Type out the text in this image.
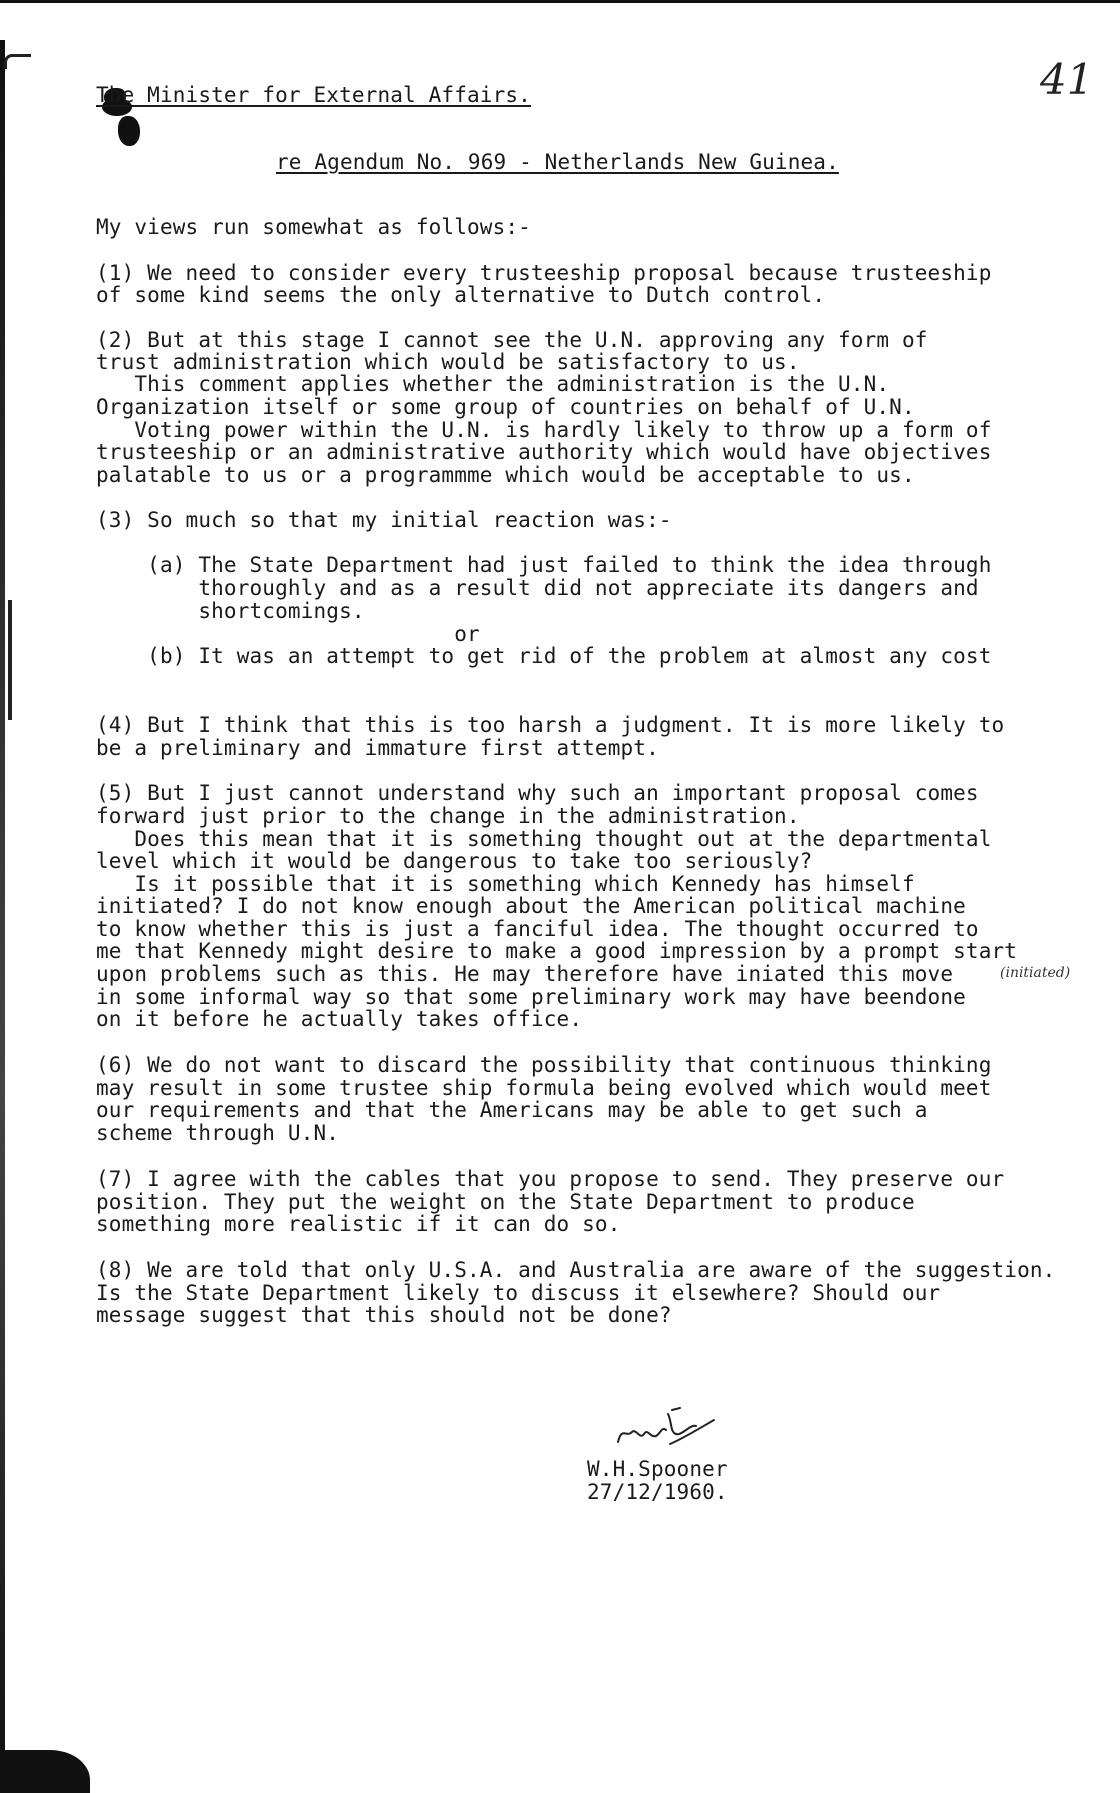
41
The Minister for External Affairs.
re Agendum No. 969 - Netherlands New Guinea.
My views run somewhat as follows:-
(1) We need to consider every trusteeship proposal because trusteeship
of some kind seems the only alternative to Dutch control.
(2) But at this stage I cannot see the U.N. approving any form of
trust administration which would be satisfactory to us.
This comment applies whether the administration is the U.N.
Organization itself or some group of countries on behalf of U.N.
Voting power within the U.N. is hardly likely to throw up a form of
trusteeship or an administrative authority which would have objectives
palatable to us or a programmme which would be acceptable to us.
(3) So much so that my initial reaction was:-
(a) The State Department had just failed to think the idea through
thoroughly and as a result did not appreciate its dangers and
shortcomings.
or
(b) It was an attempt to get rid of the problem at almost any cost
(4) But I think that this is too harsh a judgment. It is more likely to
be a preliminary and immature first attempt.
(5) But I just cannot understand why such an important proposal comes
forward just prior to the change in the administration.
Does this mean that it is something thought out at the departmental
level which it would be dangerous to take too seriously?
Is it possible that it is something which Kennedy has himself
initiated? I do not know enough about the American political machine
to know whether this is just a fanciful idea. The thought occurred to
me that Kennedy might desire to make a good impression by a prompt start
upon problems such as this. He may therefore have iniated this move
in some informal way so that some preliminary work may have beendone
on it before he actually takes office.
(initiated)
(6) We do not want to discard the possibility that continuous thinking
may result in some trustee ship formula being evolved which would meet
our requirements and that the Americans may be able to get such a
scheme through U.N.
(7) I agree with the cables that you propose to send. They preserve our
position. They put the weight on the State Department to produce
something more realistic if it can do so.
(8) We are told that only U.S.A. and Australia are aware of the suggestion.
Is the State Department likely to discuss it elsewhere? Should our
message suggest that this should not be done?
W.H.Spooner
27/12/1960.
